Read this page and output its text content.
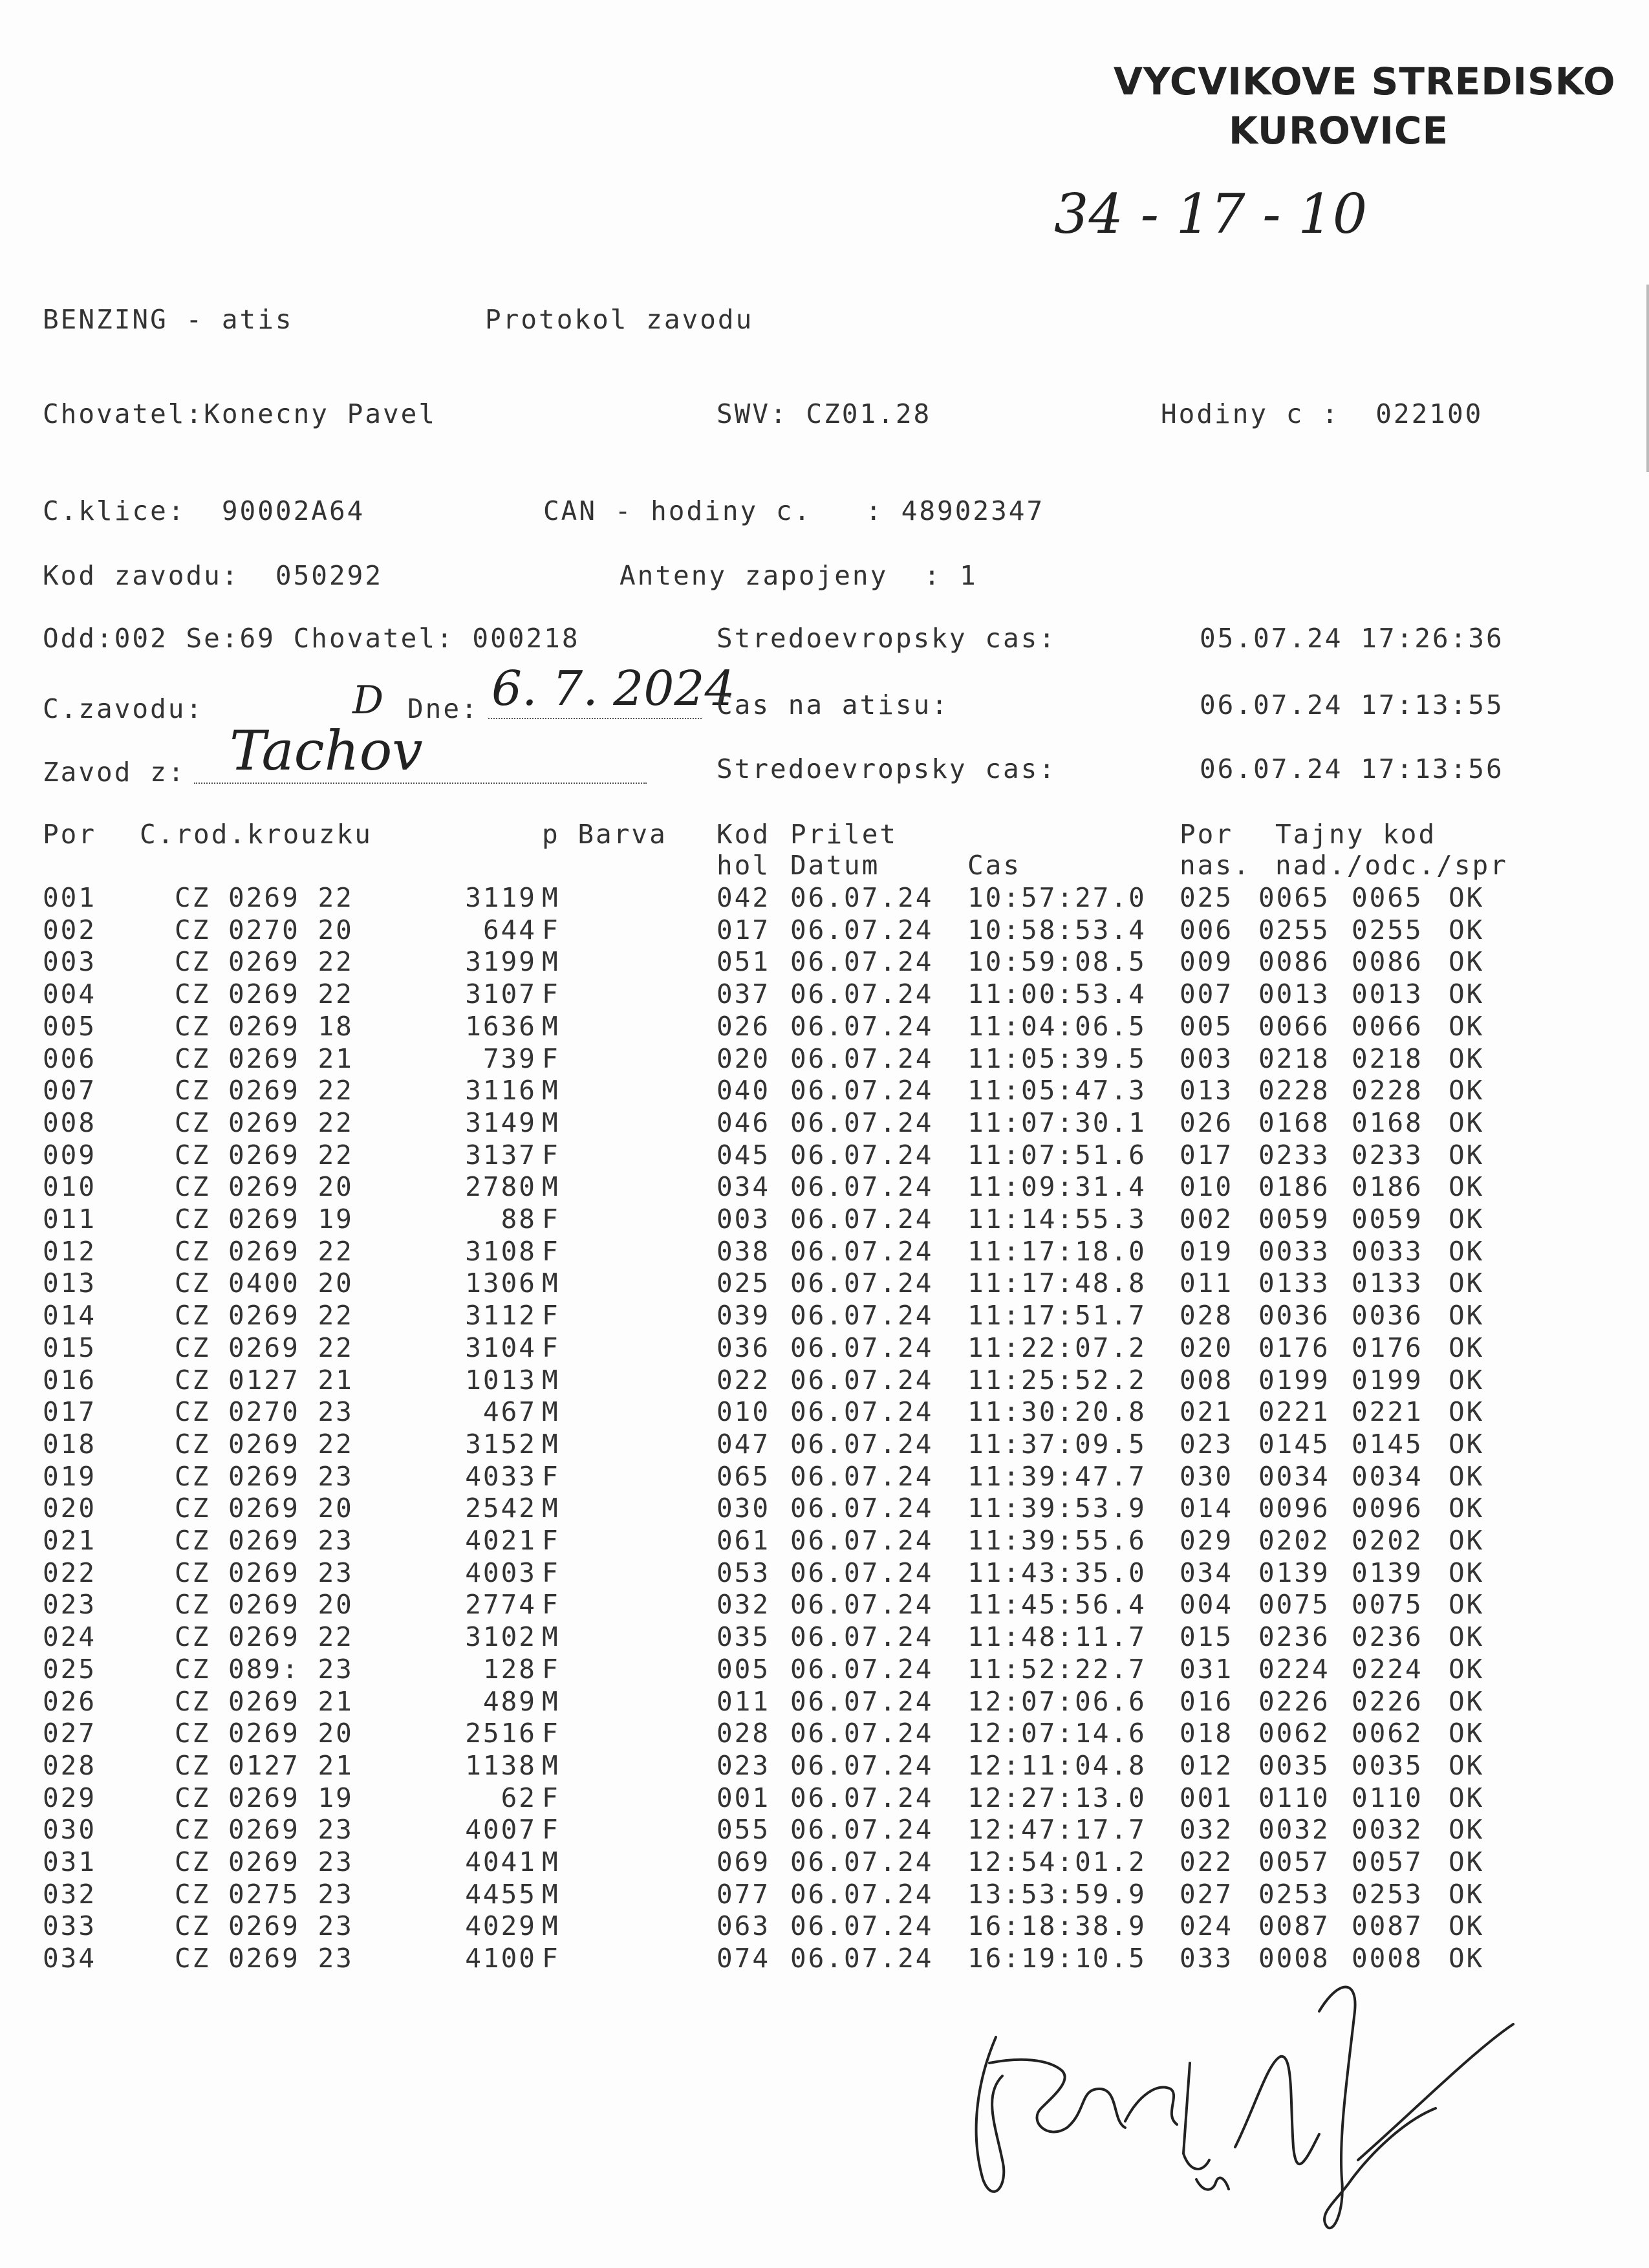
VYCVIKOVE STREDISKO
KUROVICE
34 - 17 - 10
BENZING - atis	Protokol zavodu
Chovatel:Konecny Pavel	SWV: CZ01.28	Hodiny c :  022100
C.klice:  90002A64	CAN - hodiny c.   : 48902347
Kod zavodu:  050292	Anteny zapojeny  : 1
Odd:002 Se:69 Chovatel: 000218	Stredoevropsky cas:	05.07.24 17:26:36
C.zavodu:	D Dne: 6. 7. 2024
Cas na atisu:	06.07.24 17:13:55
Zavod z: Tachov	Stredoevropsky cas:	06.07.24 17:13:56
Por C.rod.krouzku	p Barva Kod Prilet	Por Tajny kod
hol Datum	Cas	nas. nad./odc./spr
001	CZ 0269 22	3119 M	042 06.07.24 10:57:27.0 025 0065 0065 OK
002	CZ 0270 20	644 F	017 06.07.24 10:58:53.4 006 0255 0255 OK
003	CZ 0269 22	3199 M	051 06.07.24 10:59:08.5 009 0086 0086 OK
004	CZ 0269 22	3107 F	037 06.07.24 11:00:53.4 007 0013 0013 OK
005	CZ 0269 18	1636 M	026 06.07.24 11:04:06.5 005 0066 0066 OK
006	CZ 0269 21	739 F	020 06.07.24 11:05:39.5 003 0218 0218 OK
007	CZ 0269 22	3116 M	040 06.07.24 11:05:47.3 013 0228 0228 OK
008	CZ 0269 22	3149 M	046 06.07.24 11:07:30.1 026 0168 0168 OK
009	CZ 0269 22	3137 F	045 06.07.24 11:07:51.6 017 0233 0233 OK
010	CZ 0269 20	2780 M	034 06.07.24 11:09:31.4 010 0186 0186 OK
011	CZ 0269 19	88 F	003 06.07.24 11:14:55.3 002 0059 0059 OK
012	CZ 0269 22	3108 F	038 06.07.24 11:17:18.0 019 0033 0033 OK
013	CZ 0400 20	1306 M	025 06.07.24 11:17:48.8 011 0133 0133 OK
014	CZ 0269 22	3112 F	039 06.07.24 11:17:51.7 028 0036 0036 OK
015	CZ 0269 22	3104 F	036 06.07.24 11:22:07.2 020 0176 0176 OK
016	CZ 0127 21	1013 M	022 06.07.24 11:25:52.2 008 0199 0199 OK
017	CZ 0270 23	467 M	010 06.07.24 11:30:20.8 021 0221 0221 OK
018	CZ 0269 22	3152 M	047 06.07.24 11:37:09.5 023 0145 0145 OK
019	CZ 0269 23	4033 F	065 06.07.24 11:39:47.7 030 0034 0034 OK
020	CZ 0269 20	2542 M	030 06.07.24 11:39:53.9 014 0096 0096 OK
021	CZ 0269 23	4021 F	061 06.07.24 11:39:55.6 029 0202 0202 OK
022	CZ 0269 23	4003 F	053 06.07.24 11:43:35.0 034 0139 0139 OK
023	CZ 0269 20	2774 F	032 06.07.24 11:45:56.4 004 0075 0075 OK
024	CZ 0269 22	3102 M	035 06.07.24 11:48:11.7 015 0236 0236 OK
025	CZ 089: 23	128 F	005 06.07.24 11:52:22.7 031 0224 0224 OK
026	CZ 0269 21	489 M	011 06.07.24 12:07:06.6 016 0226 0226 OK
027	CZ 0269 20	2516 F	028 06.07.24 12:07:14.6 018 0062 0062 OK
028	CZ 0127 21	1138 M	023 06.07.24 12:11:04.8 012 0035 0035 OK
029	CZ 0269 19	62 F	001 06.07.24 12:27:13.0 001 0110 0110 OK
030	CZ 0269 23	4007 F	055 06.07.24 12:47:17.7 032 0032 0032 OK
031	CZ 0269 23	4041 M	069 06.07.24 12:54:01.2 022 0057 0057 OK
032	CZ 0275 23	4455 M	077 06.07.24 13:53:59.9 027 0253 0253 OK
033	CZ 0269 23	4029 M	063 06.07.24 16:18:38.9 024 0087 0087 OK
034	CZ 0269 23	4100 F	074 06.07.24 16:19:10.5 033 0008 0008 OK
